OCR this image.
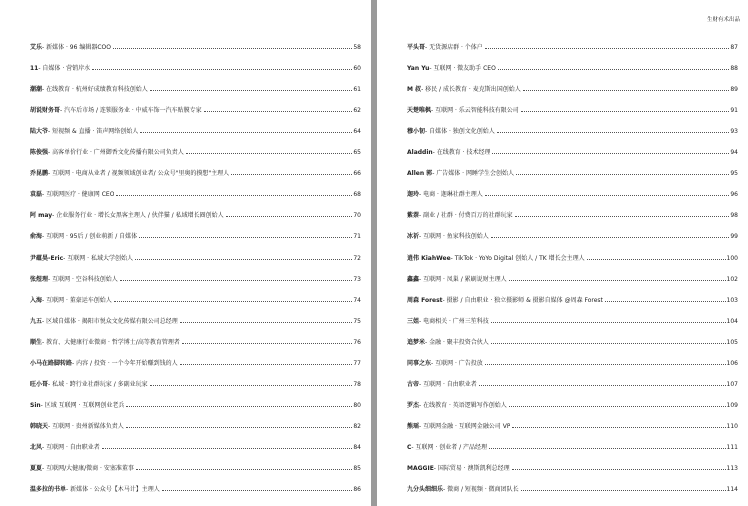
艾乐 - 新媒体 · 96 编辑器COO	58
11 - 自媒体 · 营销岸水	60
潮潮 - 在线教育 · 杭州好成绩教育科技创始人	61
胡说财务哥 - 汽车后市场 / 连锁服务业 · 中威车饰一汽车贴膜专家	62
陆大爷 - 短视频 & 直播 · 笛声网络创始人	64
陈俊强 - 高客单价行业 · 广州御香文化传播有限公司负责人	65
乔昆鹏 - 互联网 · 电商从业者 / 视频领域创业者/ 公众号"里奥的摸想"主理人	66
袁磊 - 互联网医疗 · 健康网 CEO	68
阿 may - 企业服务行业 · 增长女黑客主理人 / 伙伴猫 / 私域增长圈创始人	70
俞海 - 互联网 · 95后 / 创业萌新 / 自媒体	71
尹蕴昊-Eric - 互联网 · 私域大学创始人	72
张煜理 - 互联网 · 空谷科技创始人	73
入海 - 互联网 · 董豪运车创始人	74
九五 - 区域自媒体 · 揭阳市悦众文化传媒有限公司总经理	75
顺生 - 教育、大健康行业微商 · 哲学博士/高等教育管理者	76
小马在路脚转路 - 内容 / 投资 · 一个今年开始赚到钱的人	77
旺小哥 - 私域 · 跨行业社群玩家 / 多副业玩家	78
Sin - 区域 互联网 · 互联网创业老兵	80
韩晓天 - 互联网 · 贵州新媒体负责人	82
北风 - 互联网 · 自由职业者	84
夏夏 - 互联网/大健康/微商 · 安塞准董事	85
温多拉的书单 - 新媒体 · 公众号【木马计】主理人	86
生财有术出品
平头哥 - 无货源店群 · 个体户	87
Yan Yu - 互联网 · 微友助手 CEO	88
M 叔 - 移民 / 成长教育 · 麦克斯出国创始人	89
天楚唯枫 - 互联网 · 乐云智能科技有限公司	91
穆小韧 - 自媒体 · 独创文化创始人	93
Aladdin - 在线教育 · 技术经理	94
Allen 郭 - 广告媒体 · 网睡学生会创始人	95
迦玲 - 电商 · 迦琳社群主理人	96
紫萘 - 副业 / 社群 · 付费百万的社群玩家	98
冰祈 - 互联网 · 鱼家科技创始人	99
逍伟 KiahWee - TikTok · YoYo Digital 创始人 / TK 增长会主理人	100
鑫鑫 - 互联网 · 凤巢 / 累刷说财主理人	102
周森 Forest - 摄影 / 自由职业 · 独立摄影师 & 摄影自媒体 @周森 Forest	103
三姐 - 电商相关 · 广州三笙科技	104
追梦米 - 金融 · 聚丰投资合伙人	105
同事之东 - 互联网 · 广告投放	106
古帝 - 互联网 · 自由职业者	107
罗杰 - 在线教育 · 英语逻辑写作创始人	109
熊瑶 - 互联网金融 · 互联网金融公司 VP	110
C - 互联网 · 创业者 / 产品经理	111
MAGGIE - 国际贸易 · 澳斯凯利总经理	113
九分头细细乐 - 微商 / 短视频 · 微商团队长	114
